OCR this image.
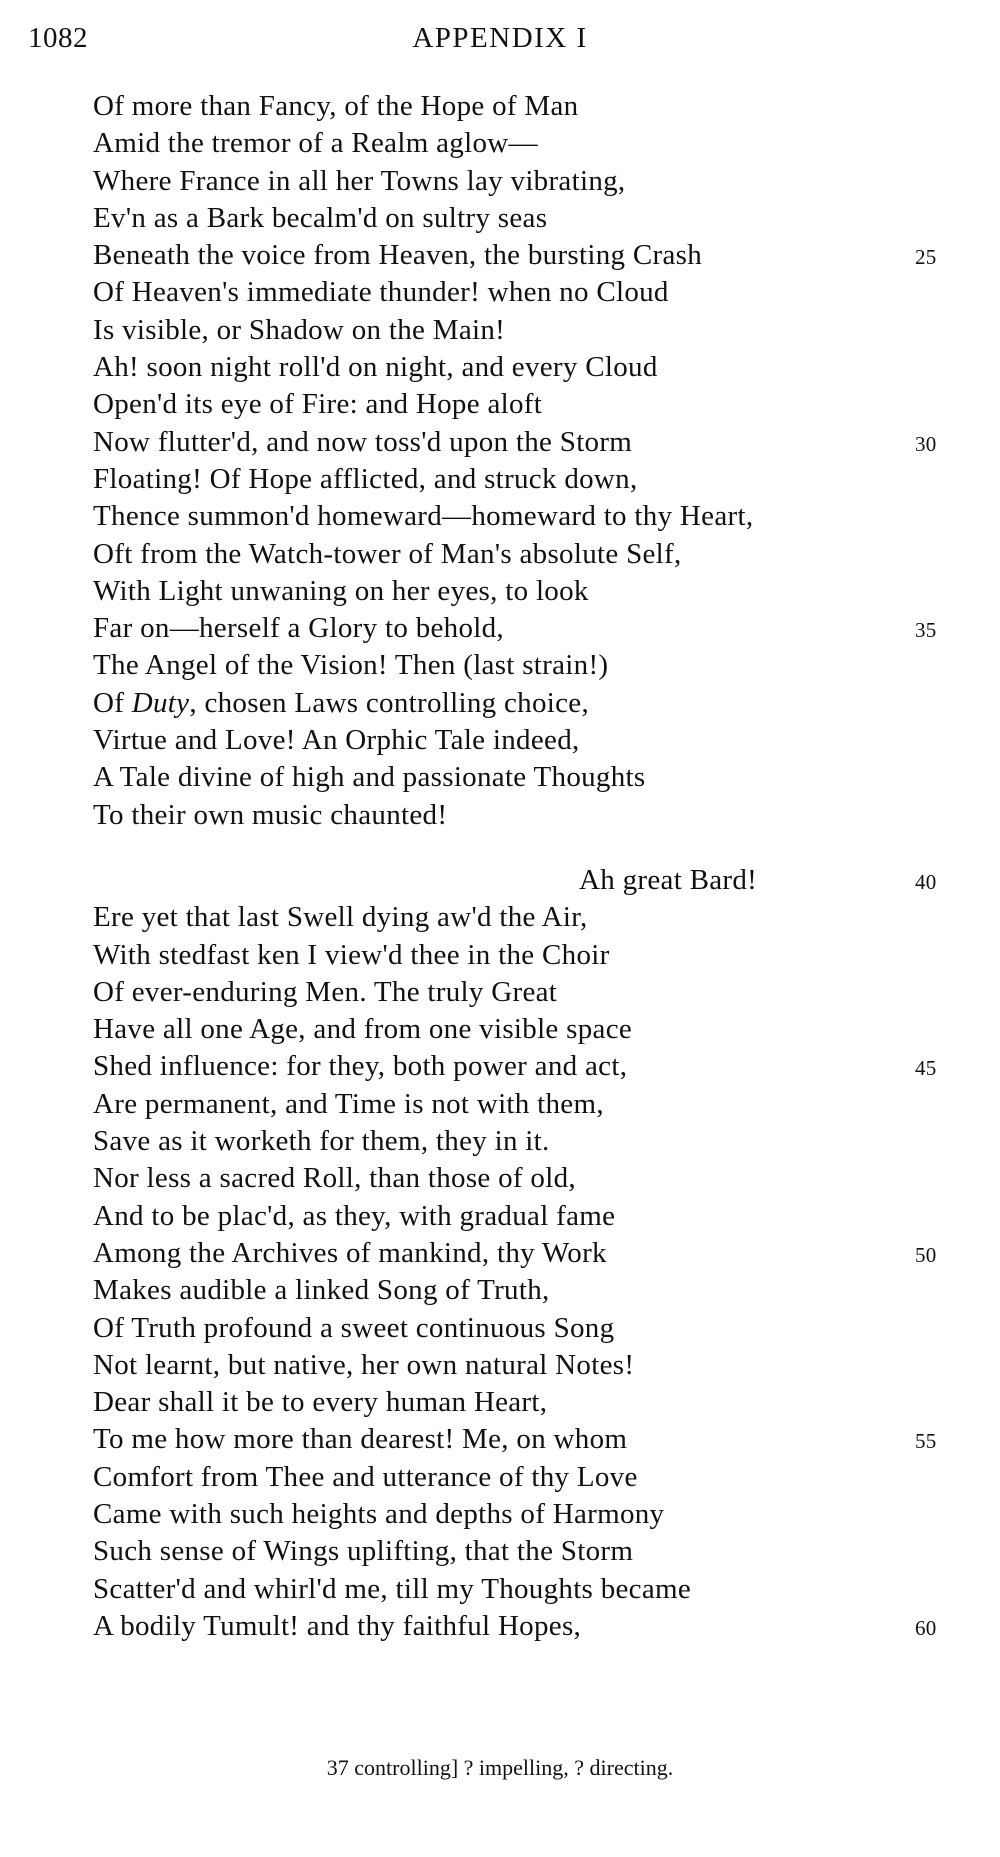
1082	APPENDIX I
Of more than Fancy, of the Hope of Man
Amid the tremor of a Realm aglow—
Where France in all her Towns lay vibrating,
Ev'n as a Bark becalm'd on sultry seas
Beneath the voice from Heaven, the bursting Crash	25
Of Heaven's immediate thunder! when no Cloud
Is visible, or Shadow on the Main!
Ah! soon night roll'd on night, and every Cloud
Open'd its eye of Fire: and Hope aloft
Now flutter'd, and now toss'd upon the Storm	30
Floating! Of Hope afflicted, and struck down,
Thence summon'd homeward—homeward to thy Heart,
Oft from the Watch-tower of Man's absolute Self,
With Light unwaning on her eyes, to look
Far on—herself a Glory to behold,	35
The Angel of the Vision! Then (last strain!)
Of Duty, chosen Laws controlling choice,
Virtue and Love! An Orphic Tale indeed,
A Tale divine of high and passionate Thoughts
To their own music chaunted!
Ah great Bard!	40
Ere yet that last Swell dying aw'd the Air,
With stedfast ken I view'd thee in the Choir
Of ever-enduring Men. The truly Great
Have all one Age, and from one visible space
Shed influence: for they, both power and act,	45
Are permanent, and Time is not with them,
Save as it worketh for them, they in it.
Nor less a sacred Roll, than those of old,
And to be plac'd, as they, with gradual fame
Among the Archives of mankind, thy Work	50
Makes audible a linked Song of Truth,
Of Truth profound a sweet continuous Song
Not learnt, but native, her own natural Notes!
Dear shall it be to every human Heart,
To me how more than dearest! Me, on whom	55
Comfort from Thee and utterance of thy Love
Came with such heights and depths of Harmony
Such sense of Wings uplifting, that the Storm
Scatter'd and whirl'd me, till my Thoughts became
A bodily Tumult! and thy faithful Hopes,	60
37 controlling] ? impelling, ? directing.
